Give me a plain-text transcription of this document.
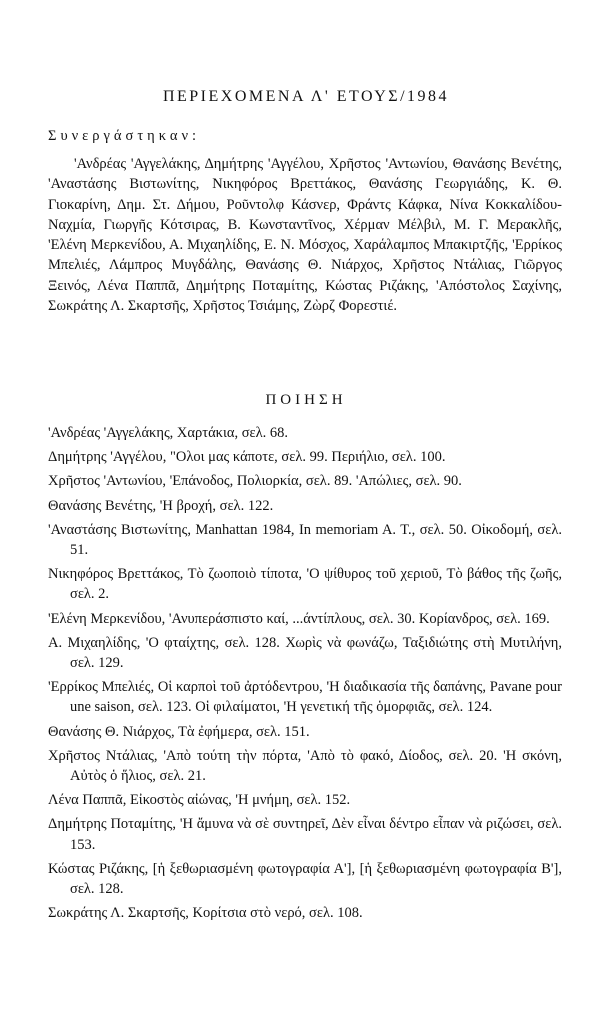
ΠΕΡΙΕΧΟΜΕΝΑ Λ' ΕΤΟΥΣ/1984
Συνεργάστηκαν:

'Ανδρέας 'Αγγελάκης, Δημήτρης 'Αγγέλου, Χρῆστος 'Αντωνίου, Θανάσης Βενέτης, 'Αναστάσης Βιστωνίτης, Νικηφόρος Βρεττάκος, Θανάσης Γεωργιάδης, Κ. Θ. Γιοκαρίνη, Δημ. Στ. Δήμου, Ροῦντολφ Κάσνερ, Φράντς Κάφκα, Νίνα Κοκκαλίδου-Ναχμία, Γιωργῆς Κότσιρας, Β. Κωνσταντῖνος, Χέρμαν Μέλβιλ, Μ. Γ. Μερακλῆς, 'Ελένη Μερκενίδου, Α. Μιχαηλίδης, Ε. Ν. Μόσχος, Χαράλαμπος Μπακιρτζῆς, 'Ερρίκος Μπελιές, Λάμπρος Μυγδάλης, Θανάσης Θ. Νιάρχος, Χρῆστος Ντάλιας, Γιῶργος Ξεινός, Λένα Παππᾶ, Δημήτρης Ποταμίτης, Κώστας Ριζάκης, 'Απόστολος Σαχίνης, Σωκράτης Λ. Σκαρτσῆς, Χρῆστος Τσιάμης, Ζὼρζ Φορεστιέ.

ΠΟΙΗΣΗ

'Ανδρέας 'Αγγελάκης, Χαρτάκια, σελ. 68.

Δημήτρης 'Αγγέλου, "Ολοι μας κάποτε, σελ. 99. Περιήλιο, σελ. 100.

Χρῆστος 'Αντωνίου, 'Επάνοδος, Πολιορκία, σελ. 89. 'Απώλιες, σελ. 90.

Θανάσης Βενέτης, 'Η βροχή, σελ. 122.

'Αναστάσης Βιστωνίτης, Manhattan 1984, In memoriam A. T., σελ. 50. Οἰκοδομή, σελ. 51.

Νικηφόρος Βρεττάκος, Τὸ ζωοποιὸ τίποτα, 'Ο ψίθυρος τοῦ χεριοῦ, Τὸ βάθος τῆς ζωῆς, σελ. 2.

'Ελένη Μερκενίδου, 'Ανυπεράσπιστο καί, ...άντίπλους, σελ. 30. Κορίανδρος, σελ. 169.

Α. Μιχαηλίδης, 'Ο φταίχτης, σελ. 128. Χωρὶς νὰ φωνάζω, Ταξιδιώτης στὴ Μυτιλήνη, σελ. 129.

'Ερρίκος Μπελιές, Οἱ καρποὶ τοῦ ἀρτόδεντρου, 'Η διαδικασία τῆς δαπάνης, Pavane pour une saison, σελ. 123. Οἱ φιλαίματοι, 'Η γενετική τῆς ὁμορφιᾶς, σελ. 124.

Θανάσης Θ. Νιάρχος, Τὰ ἐφήμερα, σελ. 151.

Χρῆστος Ντάλιας, 'Απὸ τούτη τὴν πόρτα, 'Απὸ τὸ φακό, Δίοδος, σελ. 20. 'Η σκόνη, Αὐτὸς ὁ ἥλιος, σελ. 21.

Λένα Παππᾶ, Εἰκοστὸς αἰώνας, 'Η μνήμη, σελ. 152.

Δημήτρης Ποταμίτης, 'Η ἄμυνα νὰ σὲ συντηρεῖ, Δὲν εἶναι δέντρο εἶπαν νὰ ριζώσει, σελ. 153.

Κώστας Ριζάκης, [ἡ ξεθωριασμένη φωτογραφία Α'], [ἡ ξεθωριασμένη φωτογραφία Β'], σελ. 128.

Σωκράτης Λ. Σκαρτσῆς, Κορίτσια στὸ νερό, σελ. 108.
